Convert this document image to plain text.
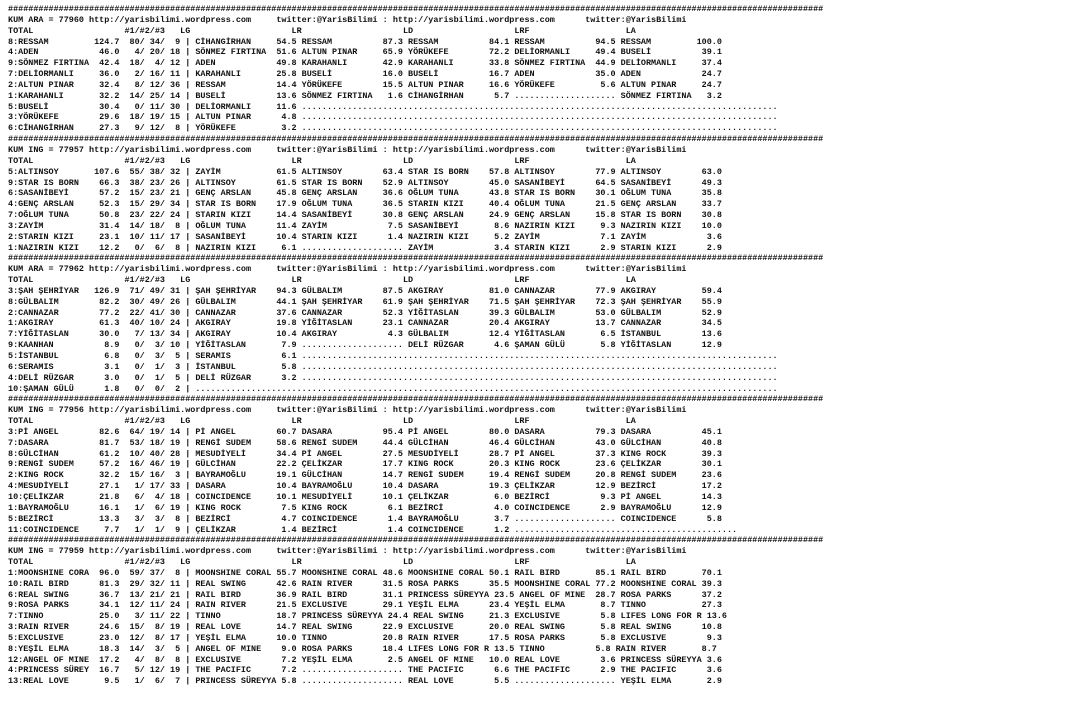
#################################################################################################################################################################
KUM ARA = 77960 http://yarisbilimi.wordpress.com     twitter:@YarisBilimi : http://yarisbilimi.wordpress.com      twitter:@YarisBilimi
TOTAL                  #1/#2/#3   LG                    LR                    LD                    LRF                   LA
8:RESSAM         124.7  80/ 34/  9 | CİHANGİRHAN     54.5 RESSAM          87.3 RESSAM          84.1 RESSAM          94.5 RESSAM         100.0
4:ADEN            46.0   4/ 20/ 18 | SÖNMEZ FIRTINA  51.6 ALTUN PINAR     65.9 YÖRÜKEFE        72.2 DELİORMANLI     49.4 BUSELİ          39.1
9:SÖNMEZ FIRTINA  42.4  18/  4/ 12 | ADEN            49.8 KARAHANLI       42.9 KARAHANLI       33.8 SÖNMEZ FIRTINA  44.9 DELİORMANLI     37.4
7:DELİORMANLI     36.0   2/ 16/ 11 | KARAHANLI       25.8 BUSELİ          16.0 BUSELİ          16.7 ADEN            35.0 ADEN            24.7
2:ALTUN PINAR     32.4   8/ 12/ 36 | RESSAM          14.4 YÖRÜKEFE        15.5 ALTUN PINAR     16.6 YÖRÜKEFE         5.6 ALTUN PINAR     24.7
1:KARAHANLI       32.2  14/ 25/ 14 | BUSELİ          13.6 SÖNMEZ FIRTINA   1.6 CİHANGİRHAN      5.7 .................... SÖNMEZ FIRTINA   3.2
5:BUSELİ          30.4   0/ 11/ 30 | DELİORMANLI     11.6 ..............................................................................................
3:YÖRÜKEFE        29.6  18/ 19/ 15 | ALTUN PINAR      4.8 ..............................................................................................
6:CİHANGİRHAN     27.3   9/ 12/  8 | YÖRÜKEFE         3.2 ..............................................................................................
#################################################################################################################################################################
KUM ING = 77957 http://yarisbilimi.wordpress.com     twitter:@YarisBilimi : http://yarisbilimi.wordpress.com      twitter:@YarisBilimi
TOTAL                  #1/#2/#3   LG                    LR                    LD                    LRF                   LA
5:ALTINSOY       107.6  55/ 38/ 32 | ZAYİM           61.5 ALTINSOY        63.4 STAR IS BORN    57.8 ALTINSOY        77.9 ALTINSOY        63.0
9:STAR IS BORN    66.3  38/ 23/ 26 | ALTINSOY        61.5 STAR IS BORN    52.9 ALTINSOY        45.0 SASANİBEYİ      64.5 SASANİBEYİ      49.3
6:SASANİBEYİ      57.2  15/ 23/ 21 | GENÇ ARSLAN     45.8 GENÇ ARSLAN     36.6 OĞLUM TUNA      43.8 STAR IS BORN    30.1 OĞLUM TUNA      35.8
4:GENÇ ARSLAN     52.3  15/ 29/ 34 | STAR IS BORN    17.9 OĞLUM TUNA      36.5 STARIN KIZI     40.4 OĞLUM TUNA      21.5 GENÇ ARSLAN     33.7
7:OĞLUM TUNA      50.8  23/ 22/ 24 | STARIN KIZI     14.4 SASANİBEYİ      30.8 GENÇ ARSLAN     24.9 GENÇ ARSLAN     15.8 STAR IS BORN    30.8
3:ZAYİM           31.4  14/ 18/  8 | OĞLUM TUNA      11.4 ZAYİM            7.5 SASANİBEYİ       8.6 NAZIRIN KIZI     9.3 NAZIRIN KIZI    10.0
2:STARIN KIZI     23.1  10/ 11/ 17 | SASANİBEYİ      10.4 STARIN KIZI      1.4 NAZIRIN KIZI     5.2 ZAYİM            7.1 ZAYİM            3.6
1:NAZIRIN KIZI    12.2   0/  6/  8 | NAZIRIN KIZI     6.1 .................... ZAYİM            3.4 STARIN KIZI      2.9 STARIN KIZI      2.9
#################################################################################################################################################################
KUM ARA = 77962 http://yarisbilimi.wordpress.com     twitter:@YarisBilimi : http://yarisbilimi.wordpress.com      twitter:@YarisBilimi
TOTAL                  #1/#2/#3   LG                    LR                    LD                    LRF                   LA
3:ŞAH ŞEHRİYAR   126.9  71/ 49/ 31 | ŞAH ŞEHRİYAR    94.3 GÜLBALIM        87.5 AKGIRAY         81.0 CANNAZAR        77.9 AKGIRAY         59.4
8:GÜLBALIM        82.2  30/ 49/ 26 | GÜLBALIM        44.1 ŞAH ŞEHRİYAR    61.9 ŞAH ŞEHRİYAR    71.5 ŞAH ŞEHRİYAR    72.3 ŞAH ŞEHRİYAR    55.9
2:CANNAZAR        77.2  22/ 41/ 30 | CANNAZAR        37.6 CANNAZAR        52.3 YİĞİTASLAN      39.3 GÜLBALIM        53.0 GÜLBALIM        52.9
1:AKGIRAY         61.3  40/ 10/ 24 | AKGIRAY         19.8 YİĞİTASLAN      23.1 CANNAZAR        20.4 AKGIRAY         13.7 CANNAZAR        34.5
7:YİĞİTASLAN      30.0   7/ 13/ 34 | AKGIRAY         10.4 AKGIRAY          4.3 GÜLBALIM        12.4 YİĞİTASLAN       6.5 İSTANBUL        13.6
9:KAANHAN          8.9   0/  3/ 10 | YİĞİTASLAN       7.9 .................... DELİ RÜZGAR      4.6 ŞAMAN GÜLÜ       5.8 YİĞİTASLAN      12.9
5:İSTANBUL         6.8   0/  3/  5 | SERAMIS          6.1 ..............................................................................................
6:SERAMIS          3.1   0/  1/  3 | İSTANBUL         5.8 ..............................................................................................
4:DELİ RÜZGAR      3.0   0/  1/  5 | DELİ RÜZGAR      3.2 ..............................................................................................
10:ŞAMAN GÜLÜ      1.8   0/  0/  2 | ...................................................................................................................
#################################################################################################################################################################
KUM ING = 77956 http://yarisbilimi.wordpress.com     twitter:@YarisBilimi : http://yarisbilimi.wordpress.com      twitter:@YarisBilimi
TOTAL                  #1/#2/#3   LG                    LR                    LD                    LRF                   LA
3:Pİ ANGEL        82.6  64/ 19/ 14 | Pİ ANGEL        60.7 DASARA          95.4 Pİ ANGEL        80.0 DASARA          79.3 DASARA          45.1
7:DASARA          81.7  53/ 18/ 19 | RENGİ SUDEM     58.6 RENGİ SUDEM     44.4 GÜLCİHAN        46.4 GÜLCİHAN        43.0 GÜLCİHAN        40.8
8:GÜLCİHAN        61.2  10/ 40/ 28 | MESUDİYELİ      34.4 Pİ ANGEL        27.5 MESUDİYELİ      28.7 Pİ ANGEL        37.3 KING ROCK       39.3
9:RENGİ SUDEM     57.2  16/ 46/ 19 | GÜLCİHAN        22.2 ÇELİKZAR        17.7 KING ROCK       20.3 KING ROCK       23.6 ÇELİKZAR        30.1
2:KING ROCK       32.2  15/ 16/  3 | BAYRAMOĞLU      19.1 GÜLCİHAN        14.7 RENGİ SUDEM     19.4 RENGİ SUDEM     20.8 RENGİ SUDEM     23.6
4:MESUDİYELİ      27.1   1/ 17/ 33 | DASARA          10.4 BAYRAMOĞLU      10.4 DASARA          19.3 ÇELİKZAR        12.9 BEZİRCİ         17.2
10:ÇELİKZAR       21.8   6/  4/ 18 | COINCIDENCE     10.1 MESUDİYELİ      10.1 ÇELİKZAR         6.0 BEZİRCİ          9.3 Pİ ANGEL        14.3
1:BAYRAMOĞLU      16.1   1/  6/ 19 | KING ROCK        7.5 KING ROCK        6.1 BEZİRCİ          4.0 COINCIDENCE      2.9 BAYRAMOĞLU      12.9
5:BEZİRCİ         13.3   3/  3/  8 | BEZİRCİ          4.7 COINCIDENCE      1.4 BAYRAMOĞLU       3.7 .................... COINCIDENCE      5.8
11:COINCIDENCE     7.7   1/  1/  9 | ÇELİKZAR         1.4 BEZİRCİ          1.4 COINCIDENCE      1.2 ............................................
#################################################################################################################################################################
KUM ING = 77959 http://yarisbilimi.wordpress.com     twitter:@YarisBilimi : http://yarisbilimi.wordpress.com      twitter:@YarisBilimi
TOTAL                  #1/#2/#3   LG                    LR                    LD                    LRF                   LA
1:MOONSHINE CORA  96.0  59/ 37/  8 | MOONSHINE CORAL 55.7 MOONSHINE CORAL 48.6 MOONSHINE CORAL 50.1 RAIL BIRD       85.1 RAIL BIRD       70.1
10:RAIL BIRD      81.3  29/ 32/ 11 | REAL SWING      42.6 RAIN RIVER      31.5 ROSA PARKS      35.5 MOONSHINE CORAL 77.2 MOONSHINE CORAL 39.3
6:REAL SWING      36.7  13/ 21/ 21 | RAIL BIRD       36.9 RAIL BIRD       31.1 PRINCESS SÜREYYA 23.5 ANGEL OF MINE  28.7 ROSA PARKS      37.2
9:ROSA PARKS      34.1  12/ 11/ 24 | RAIN RIVER      21.5 EXCLUSIVE       29.1 YEŞİL ELMA      23.4 YEŞİL ELMA       8.7 TINNO           27.3
7:TINNO           25.0   3/ 11/ 22 | TINNO           18.7 PRINCESS SÜREYYA 24.4 REAL SWING     21.3 EXCLUSIVE        5.8 LIFES LONG FOR R 13.6
3:RAIN RIVER      24.6  15/  8/ 19 | REAL LOVE       14.7 REAL SWING      22.9 EXCLUSIVE       20.0 REAL SWING       5.8 REAL SWING      10.8
5:EXCLUSIVE       23.0  12/  8/ 17 | YEŞİL ELMA      10.0 TINNO           20.8 RAIN RIVER      17.5 ROSA PARKS       5.8 EXCLUSIVE        9.3
8:YEŞİL ELMA      18.3  14/  3/  5 | ANGEL OF MINE    9.0 ROSA PARKS      18.4 LIFES LONG FOR R 13.5 TINNO          5.8 RAIN RIVER       8.7
12:ANGEL OF MINE  17.2   4/  8/  8 | EXCLUSIVE        7.2 YEŞİL ELMA       2.5 ANGEL OF MINE   10.0 REAL LOVE        3.6 PRINCESS SÜREYYA 3.6
4:PRINCESS SÜREY  16.7   5/ 12/ 19 | THE PACIFIC      7.2 .................... THE PACIFIC      6.6 THE PACIFIC      2.9 THE PACIFIC      3.6
13:REAL LOVE       9.5   1/  6/  7 | PRINCESS SÜREYYA 5.8 .................... REAL LOVE        5.5 .................... YEŞİL ELMA       2.9
